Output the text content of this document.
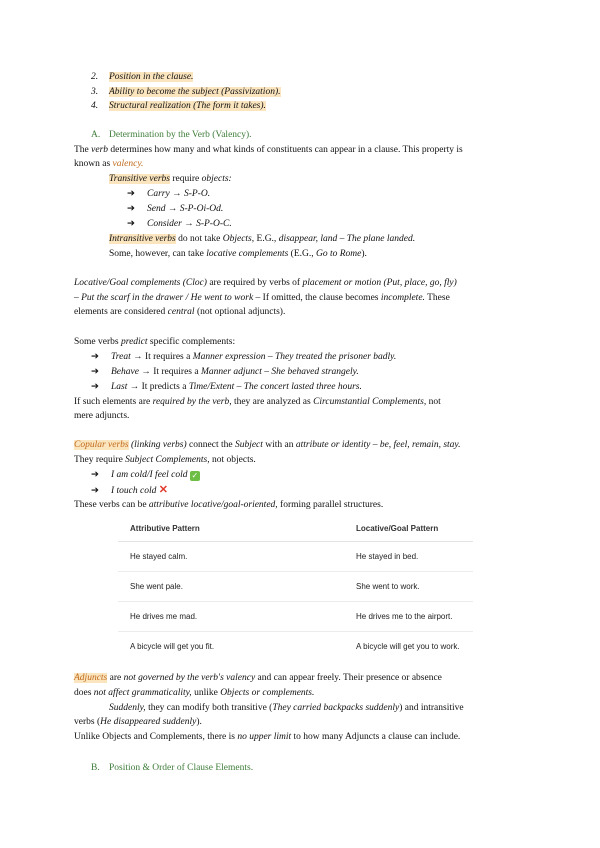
2. Position in the clause.
3. Ability to become the subject (Passivization).
4. Structural realization (The form it takes).
A. Determination by the Verb (Valency).
The verb determines how many and what kinds of constituents can appear in a clause. This property is
known as valency.
Transitive verbs require objects:
➔ Carry → S-P-O.
➔ Send → S-P-Oi-Od.
➔ Consider → S-P-O-C.
Intransitive verbs do not take Objects, E.G., disappear, land – The plane landed.
Some, however, can take locative complements (E.G., Go to Rome).
Locative/Goal complements (Cloc) are required by verbs of placement or motion (Put, place, go, fly)
– Put the scarf in the drawer / He went to work – If omitted, the clause becomes incomplete. These
elements are considered central (not optional adjuncts).
Some verbs predict specific complements:
➔ Treat → It requires a Manner expression – They treated the prisoner badly.
➔ Behave → It requires a Manner adjunct – She behaved strangely.
➔ Last → It predicts a Time/Extent – The concert lasted three hours.
If such elements are required by the verb, they are analyzed as Circumstantial Complements, not
mere adjuncts.
Copular verbs (linking verbs) connect the Subject with an attribute or identity – be, feel, remain, stay.
They require Subject Complements, not objects.
➔ I am cold/I feel cold ✓
➔ I touch cold ✕
These verbs can be attributive locative/goal-oriented, forming parallel structures.
Attributive Pattern	Locative/Goal Pattern
He stayed calm.	He stayed in bed.
She went pale.	She went to work.
He drives me mad.	He drives me to the airport.
A bicycle will get you fit.	A bicycle will get you to work.
Adjuncts are not governed by the verb's valency and can appear freely. Their presence or absence
does not affect grammaticality, unlike Objects or complements.
Suddenly, they can modify both transitive (They carried backpacks suddenly) and intransitive
verbs (He disappeared suddenly).
Unlike Objects and Complements, there is no upper limit to how many Adjuncts a clause can include.
B. Position & Order of Clause Elements.
